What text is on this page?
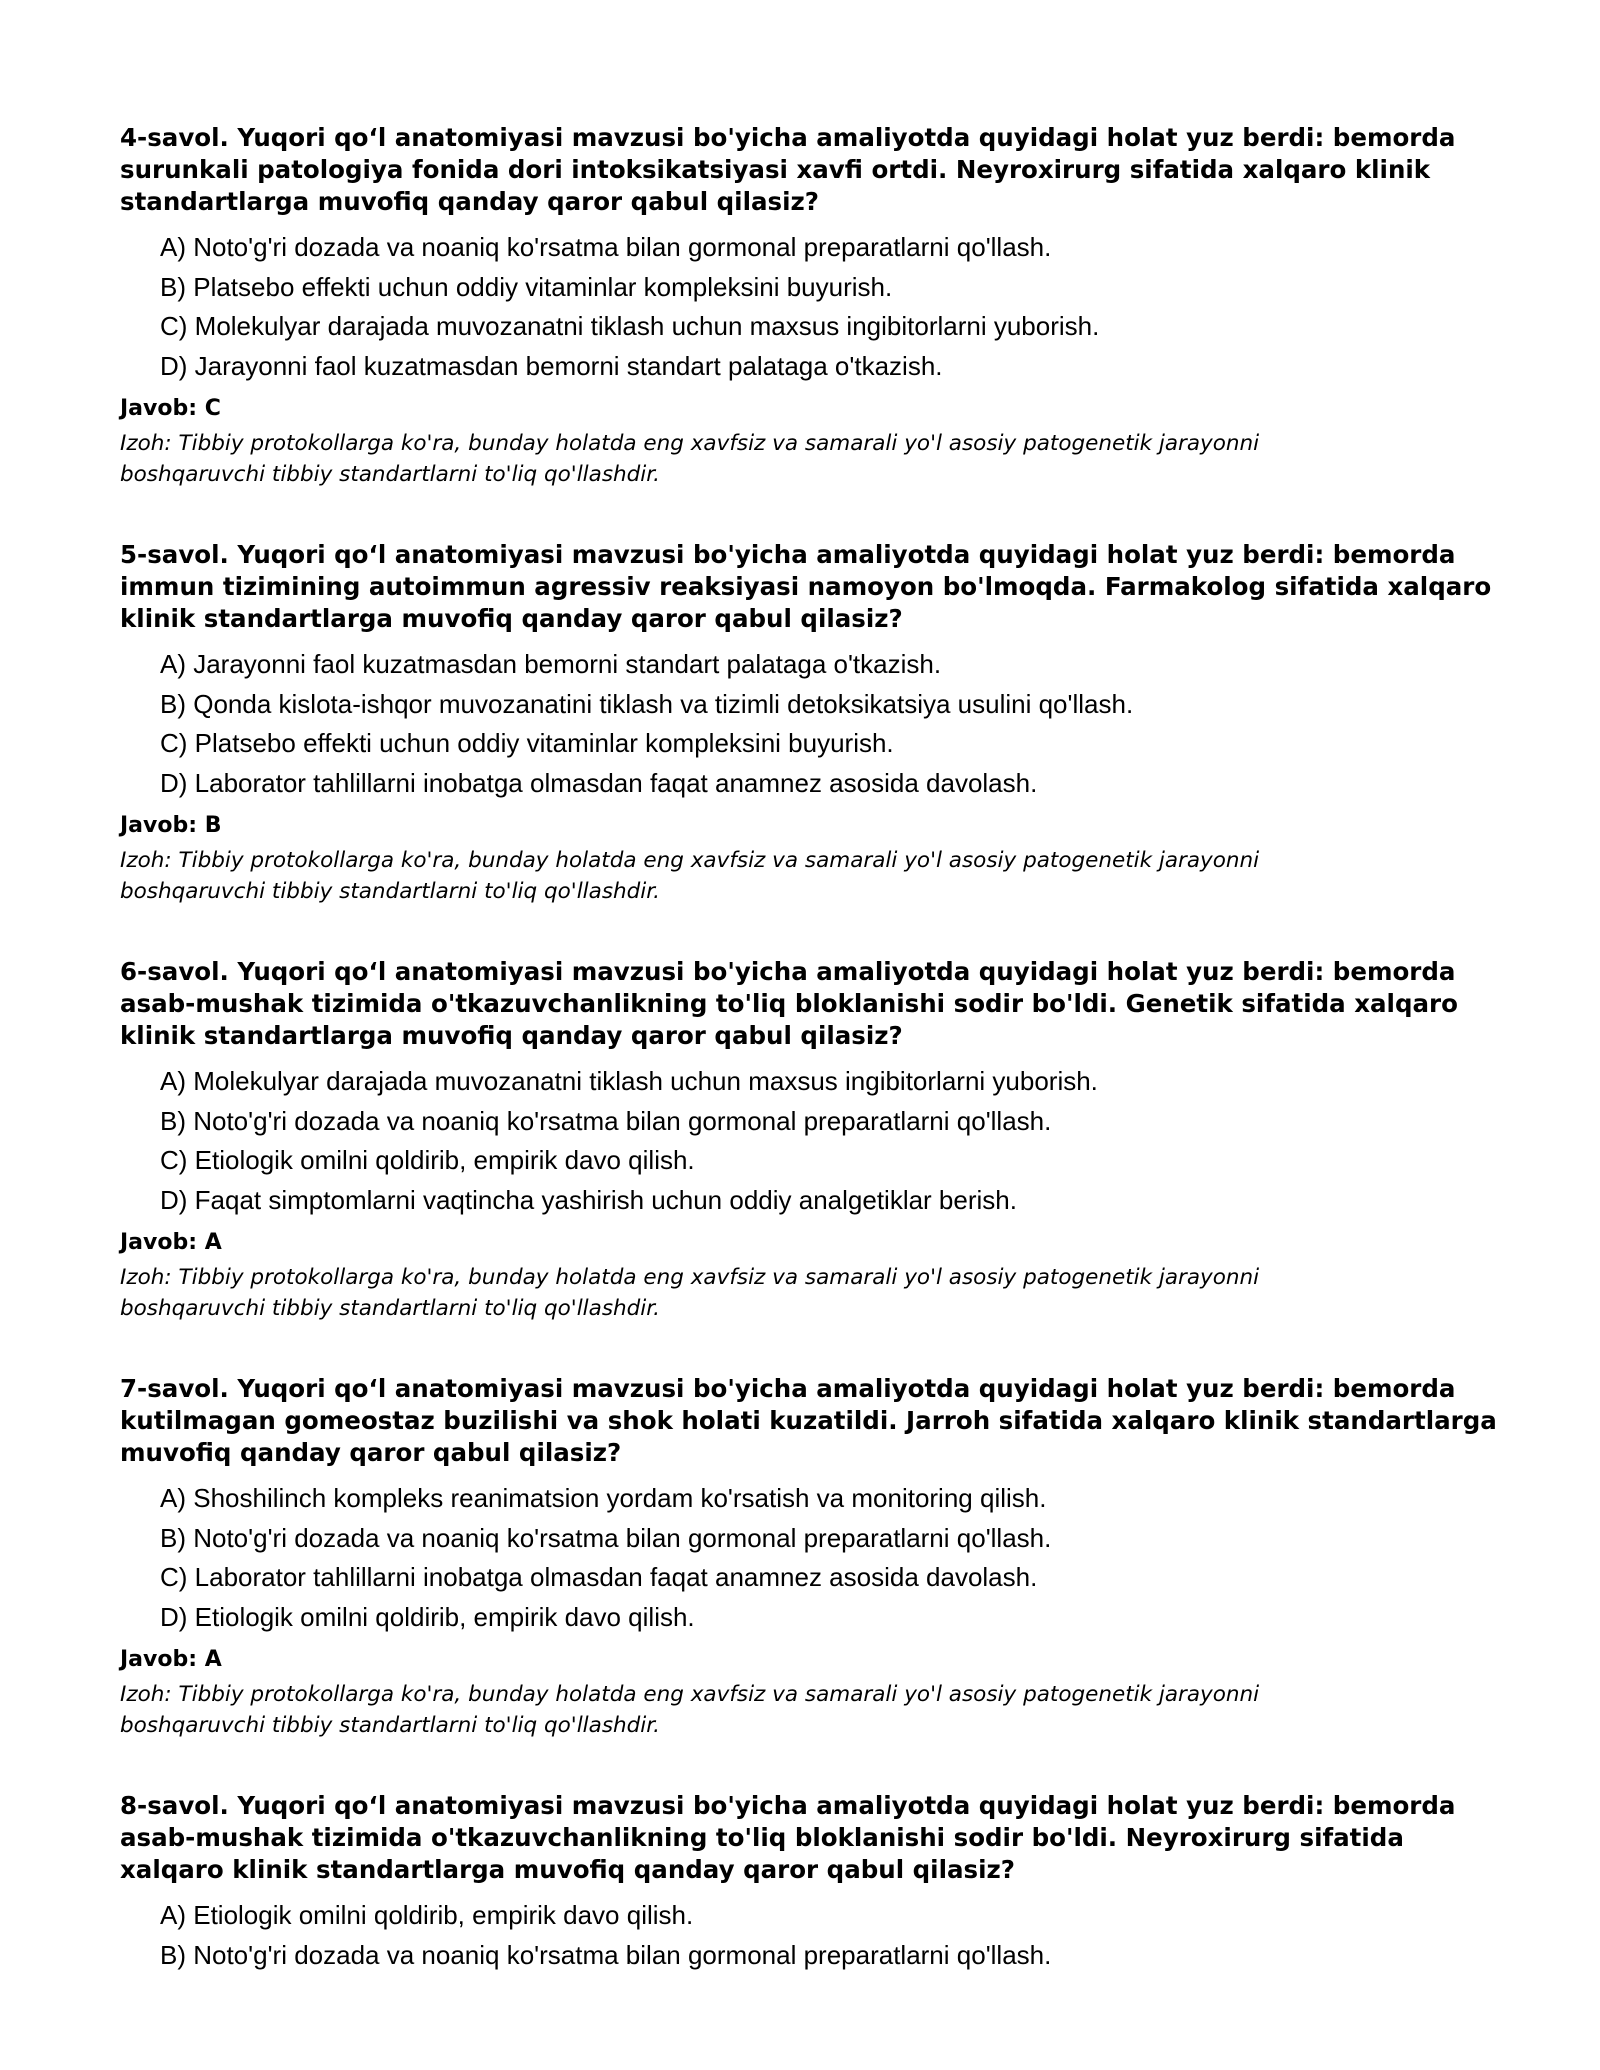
4-savol. Yuqori qo‘l anatomiyasi mavzusi bo'yicha amaliyotda quyidagi holat yuz berdi: bemorda surunkali patologiya fonida dori intoksikatsiyasi xavfi ortdi. Neyroxirurg sifatida xalqaro klinik standartlarga muvofiq qanday qaror qabul qilasiz?

A) Noto'g'ri dozada va noaniq ko'rsatma bilan gormonal preparatlarni qo'llash.
B) Platsebo effekti uchun oddiy vitaminlar kompleksini buyurish.
C) Molekulyar darajada muvozanatni tiklash uchun maxsus ingibitorlarni yuborish.
D) Jarayonni faol kuzatmasdan bemorni standart palataga o'tkazish.

Javob: C

Izoh: Tibbiy protokollarga ko'ra, bunday holatda eng xavfsiz va samarali yo'l asosiy patogenetik jarayonni boshqaruvchi tibbiy standartlarni to'liq qo'llashdir.

5-savol. Yuqori qo‘l anatomiyasi mavzusi bo'yicha amaliyotda quyidagi holat yuz berdi: bemorda immun tizimining autoimmun agressiv reaksiyasi namoyon bo'lmoqda. Farmakolog sifatida xalqaro klinik standartlarga muvofiq qanday qaror qabul qilasiz?

A) Jarayonni faol kuzatmasdan bemorni standart palataga o'tkazish.
B) Qonda kislota-ishqor muvozanatini tiklash va tizimli detoksikatsiya usulini qo'llash.
C) Platsebo effekti uchun oddiy vitaminlar kompleksini buyurish.
D) Laborator tahlillarni inobatga olmasdan faqat anamnez asosida davolash.

Javob: B

Izoh: Tibbiy protokollarga ko'ra, bunday holatda eng xavfsiz va samarali yo'l asosiy patogenetik jarayonni boshqaruvchi tibbiy standartlarni to'liq qo'llashdir.

6-savol. Yuqori qo‘l anatomiyasi mavzusi bo'yicha amaliyotda quyidagi holat yuz berdi: bemorda asab-mushak tizimida o'tkazuvchanlikning to'liq bloklanishi sodir bo'ldi. Genetik sifatida xalqaro klinik standartlarga muvofiq qanday qaror qabul qilasiz?

A) Molekulyar darajada muvozanatni tiklash uchun maxsus ingibitorlarni yuborish.
B) Noto'g'ri dozada va noaniq ko'rsatma bilan gormonal preparatlarni qo'llash.
C) Etiologik omilni qoldirib, empirik davo qilish.
D) Faqat simptomlarni vaqtincha yashirish uchun oddiy analgetiklar berish.

Javob: A

Izoh: Tibbiy protokollarga ko'ra, bunday holatda eng xavfsiz va samarali yo'l asosiy patogenetik jarayonni boshqaruvchi tibbiy standartlarni to'liq qo'llashdir.

7-savol. Yuqori qo‘l anatomiyasi mavzusi bo'yicha amaliyotda quyidagi holat yuz berdi: bemorda kutilmagan gomeostaz buzilishi va shok holati kuzatildi. Jarroh sifatida xalqaro klinik standartlarga muvofiq qanday qaror qabul qilasiz?

A) Shoshilinch kompleks reanimatsion yordam ko'rsatish va monitoring qilish.
B) Noto'g'ri dozada va noaniq ko'rsatma bilan gormonal preparatlarni qo'llash.
C) Laborator tahlillarni inobatga olmasdan faqat anamnez asosida davolash.
D) Etiologik omilni qoldirib, empirik davo qilish.

Javob: A

Izoh: Tibbiy protokollarga ko'ra, bunday holatda eng xavfsiz va samarali yo'l asosiy patogenetik jarayonni boshqaruvchi tibbiy standartlarni to'liq qo'llashdir.

8-savol. Yuqori qo‘l anatomiyasi mavzusi bo'yicha amaliyotda quyidagi holat yuz berdi: bemorda asab-mushak tizimida o'tkazuvchanlikning to'liq bloklanishi sodir bo'ldi. Neyroxirurg sifatida xalqaro klinik standartlarga muvofiq qanday qaror qabul qilasiz?

A) Etiologik omilni qoldirib, empirik davo qilish.
B) Noto'g'ri dozada va noaniq ko'rsatma bilan gormonal preparatlarni qo'llash.
